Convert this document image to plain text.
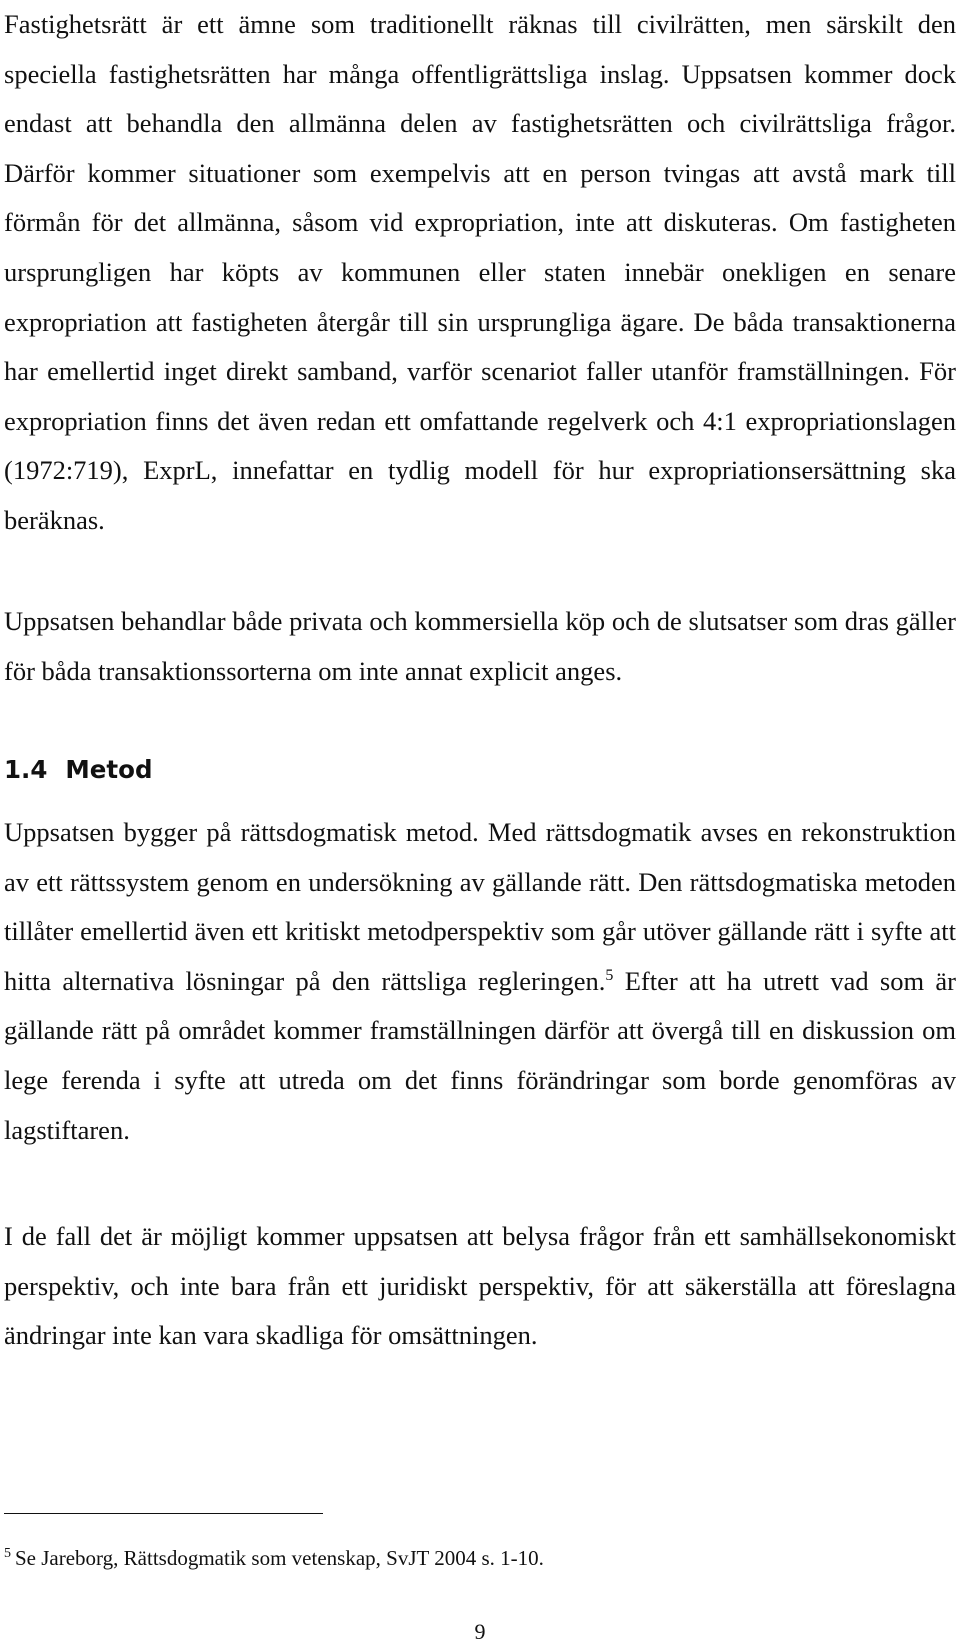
Fastighetsrätt är ett ämne som traditionellt räknas till civilrätten, men särskilt den speciella fastighetsrätten har många offentligrättsliga inslag. Uppsatsen kommer dock endast att behandla den allmänna delen av fastighetsrätten och civilrättsliga frågor. Därför kommer situationer som exempelvis att en person tvingas att avstå mark till förmån för det allmänna, såsom vid expropriation, inte att diskuteras. Om fastigheten ursprungligen har köpts av kommunen eller staten innebär onekligen en senare expropriation att fastigheten återgår till sin ursprungliga ägare. De båda transaktionerna har emellertid inget direkt samband, varför scenariot faller utanför framställningen. För expropriation finns det även redan ett omfattande regelverk och 4:1 expropriationslagen (1972:719), ExprL, innefattar en tydlig modell för hur expropriationsersättning ska beräknas.

Uppsatsen behandlar både privata och kommersiella köp och de slutsatser som dras gäller för båda transaktionssorterna om inte annat explicit anges.

1.4 Metod

Uppsatsen bygger på rättsdogmatisk metod. Med rättsdogmatik avses en rekonstruktion av ett rättssystem genom en undersökning av gällande rätt. Den rättsdogmatiska metoden tillåter emellertid även ett kritiskt metodperspektiv som går utöver gällande rätt i syfte att hitta alternativa lösningar på den rättsliga regleringen.$^5$ Efter att ha utrett vad som är gällande rätt på området kommer framställningen därför att övergå till en diskussion om lege ferenda i syfte att utreda om det finns förändringar som borde genomföras av lagstiftaren.

I de fall det är möjligt kommer uppsatsen att belysa frågor från ett samhällsekonomiskt perspektiv, och inte bara från ett juridiskt perspektiv, för att säkerställa att föreslagna ändringar inte kan vara skadliga för omsättningen.

$^5$ Se Jareborg, Rättsdogmatik som vetenskap, SvJT 2004 s. 1-10.

9
